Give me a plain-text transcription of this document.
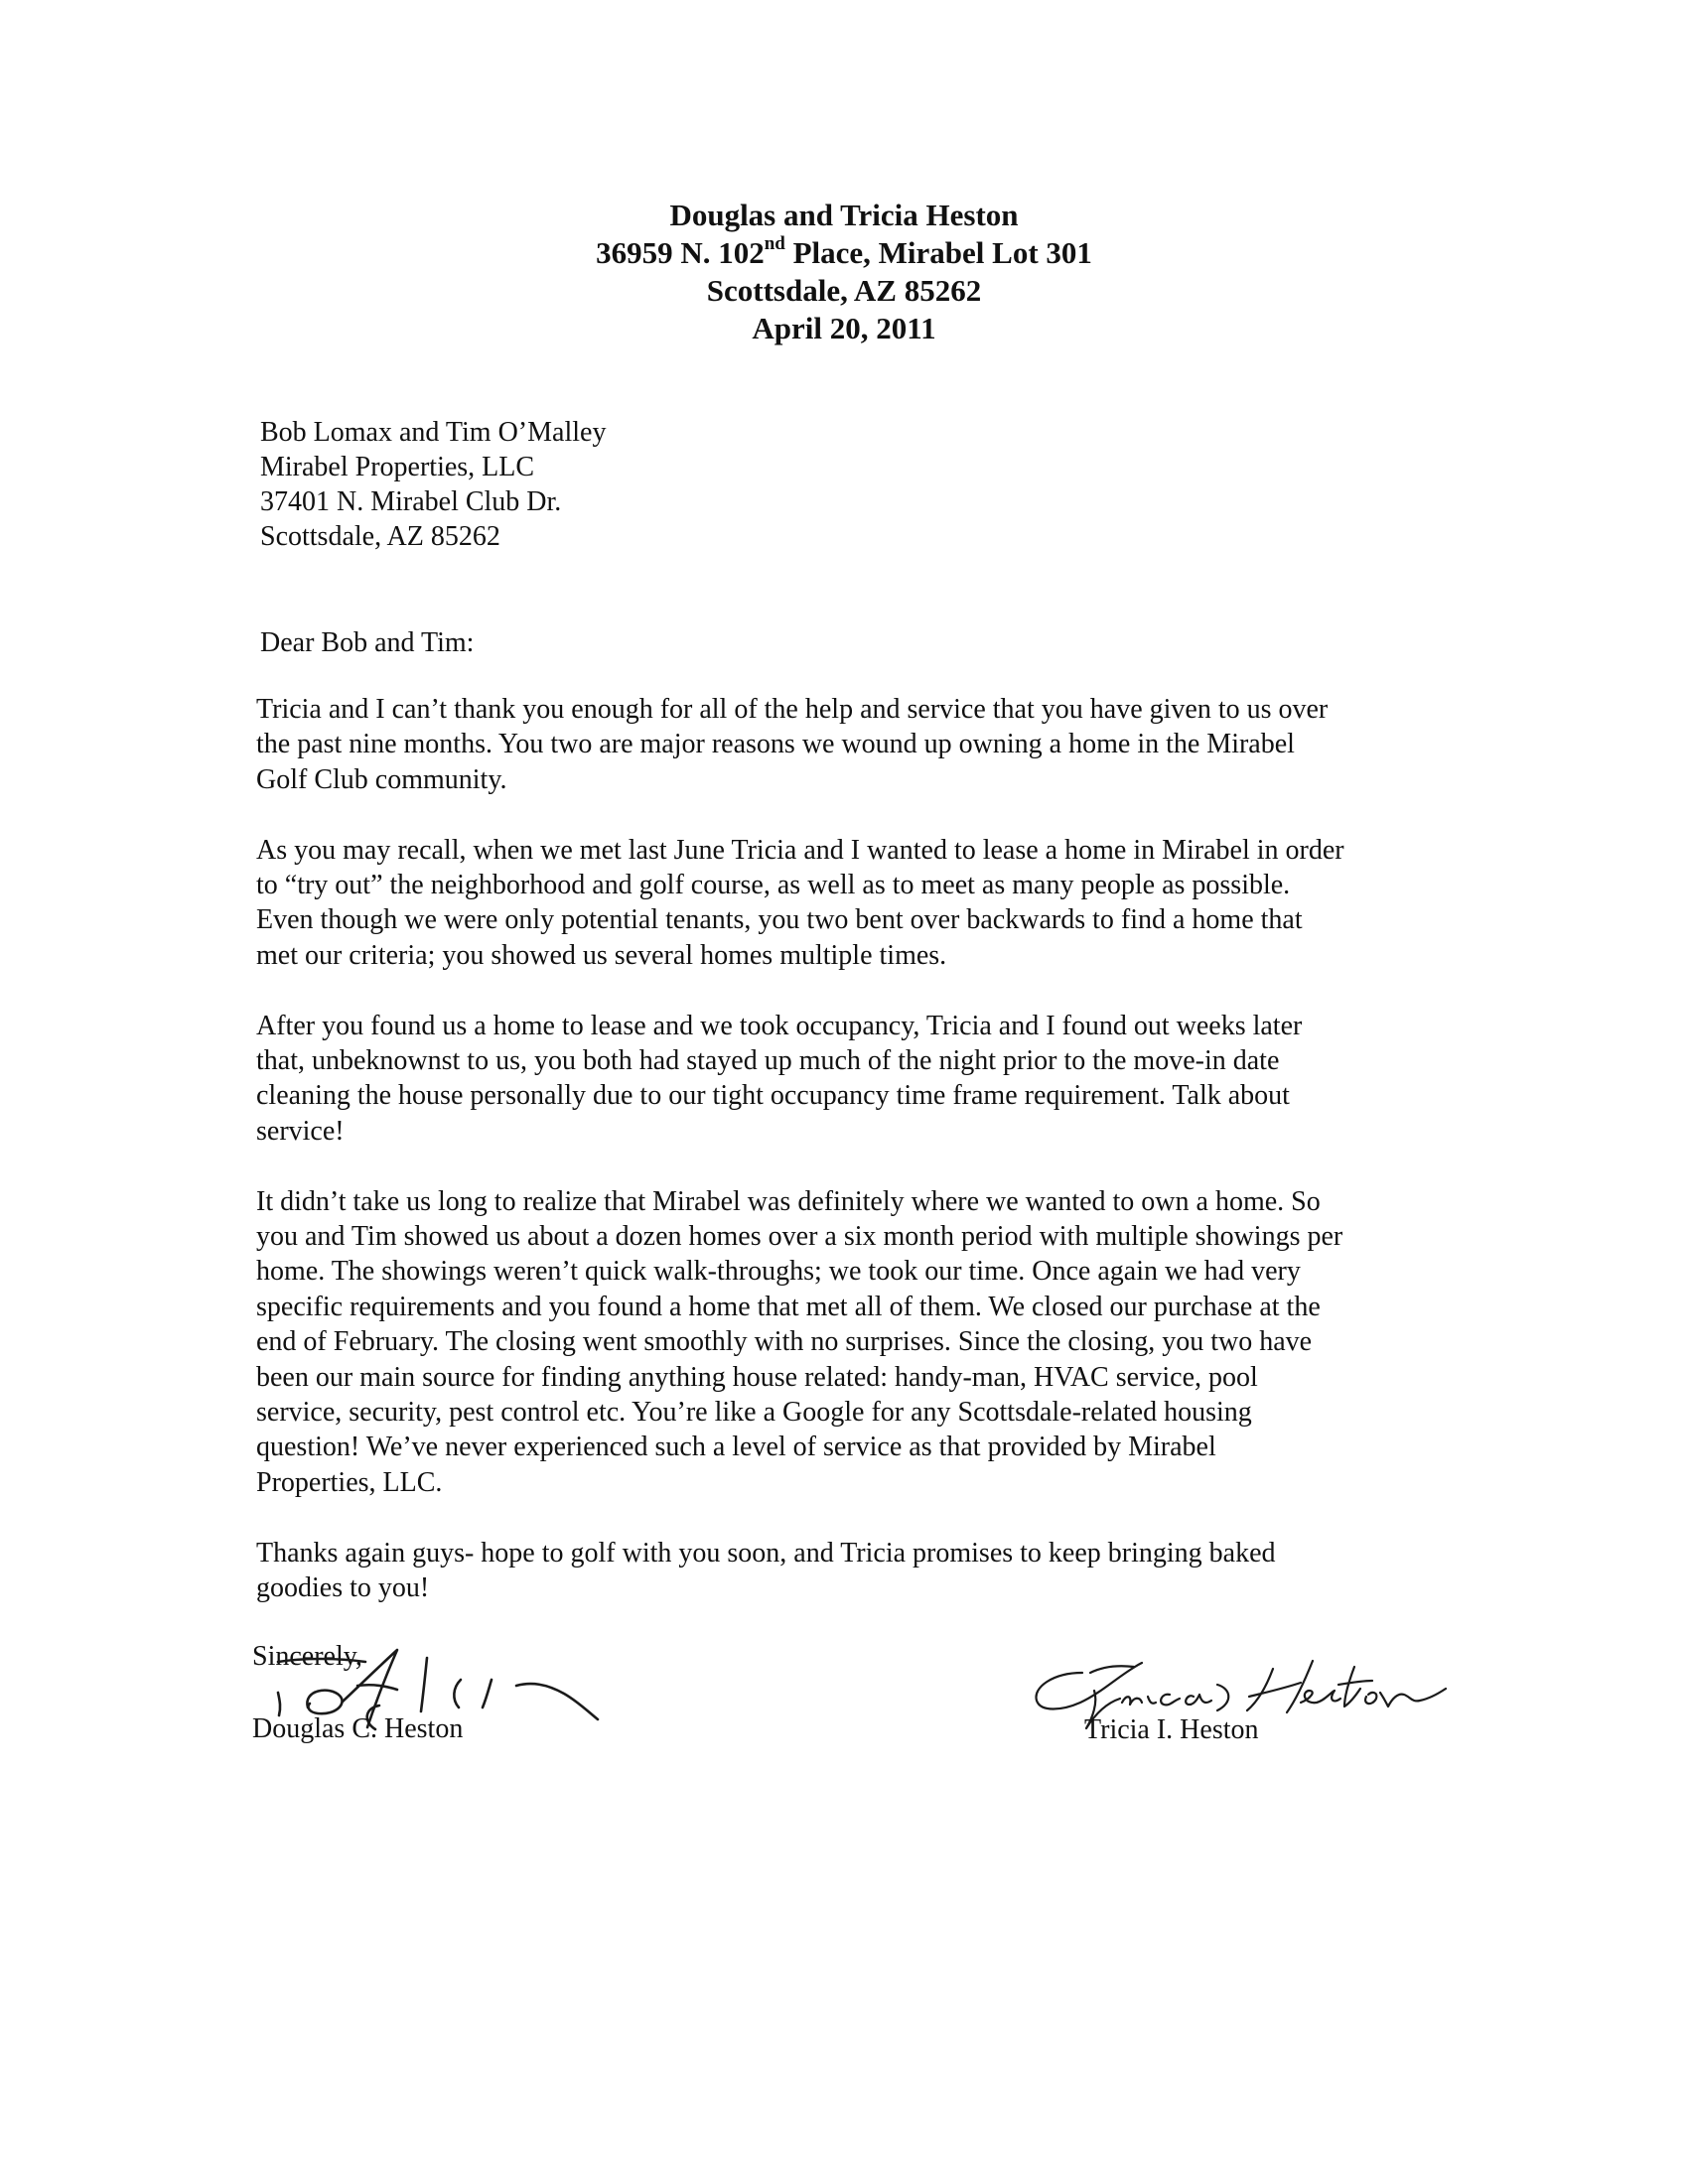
Douglas and Tricia Heston
36959 N. 102nd Place, Mirabel Lot 301
Scottsdale, AZ 85262
April 20, 2011
Bob Lomax and Tim O’Malley
Mirabel Properties, LLC
37401 N. Mirabel Club Dr.
Scottsdale, AZ 85262
Dear Bob and Tim:
Tricia and I can’t thank you enough for all of the help and service that you have given to us over
the past nine months. You two are major reasons we wound up owning a home in the Mirabel
Golf Club community.
As you may recall, when we met last June Tricia and I wanted to lease a home in Mirabel in order
to “try out” the neighborhood and golf course, as well as to meet as many people as possible.
Even though we were only potential tenants, you two bent over backwards to find a home that
met our criteria; you showed us several homes multiple times.
After you found us a home to lease and we took occupancy, Tricia and I found out weeks later
that, unbeknownst to us, you both had stayed up much of the night prior to the move-in date
cleaning the house personally due to our tight occupancy time frame requirement. Talk about
service!
It didn’t take us long to realize that Mirabel was definitely where we wanted to own a home. So
you and Tim showed us about a dozen homes over a six month period with multiple showings per
home. The showings weren’t quick walk-throughs; we took our time. Once again we had very
specific requirements and you found a home that met all of them. We closed our purchase at the
end of February. The closing went smoothly with no surprises. Since the closing, you two have
been our main source for finding anything house related: handy-man, HVAC service, pool
service, security, pest control etc. You’re like a Google for any Scottsdale-related housing
question! We’ve never experienced such a level of service as that provided by Mirabel
Properties, LLC.
Thanks again guys- hope to golf with you soon, and Tricia promises to keep bringing baked
goodies to you!
Sincerely,
Douglas C. Heston	Tricia I. Heston
